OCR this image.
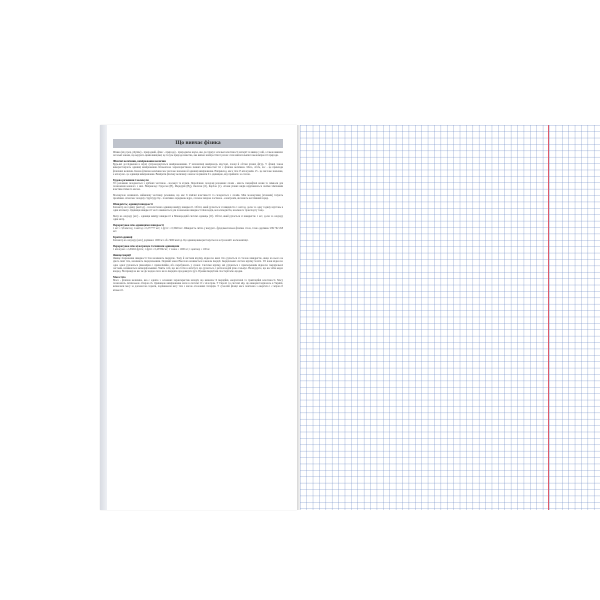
Що вивчає фізика

Фізика (від грец. physike) - природний, фізис - природа) - природнича наука, яка досліджує загальні властивості матерії та явища у ній, а також виявляє загальні закони, що керують цими явищами; це галузь природознавства, яка вивчає найпростіші і разом з тим найзагальніші закономірності природи.

Фізичні величини, вимірювання величин

Будь-які дослідження в науці супроводжуються вимірюваннями. У математиці вимірюють відстані, площі й об'єми різних фігур. У фізиці також використовують одиниці вимірювання. Кількісною характеристикою певних властивостей тіл є фізична величина. Маса, об'єм, час - це приклади фізичних величин. Кожна фізична величина має числове значення й одиниці вимірювання. Наприклад, маса тіла 25 кілограмів. 25 - це числове значення, а кілограм - це одиниця вимірювання. Виміряти фізичну величину означає порівняти її з одиницею, яку прийнято за еталон.

Будова речовини і молекули

Усі речовини складаються з дрібних частинок - молекул та атомів. Перелічимо складові речовини: атоми - мають специфічні назви та символи для позначення кожного з них. Наприклад: Гідроген (H), Меркурій (Hg), Оксиген (O), Карбон (C). Атоми різних видів відрізняються своїми хімічними властивостями та масою.

Молекулою називають найменшу частинку речовини, що має її хімічні властивості та складається з атомів. Між молекулами (атомами) існують проміжки. Атом має складну структуру. Це - позитивно заряджене ядро, оточене хмарою частинок - електронів, які мають негативний заряд.

Швидкість; одиниці швидкості

Кілометр на годину (км/год) - позасистемна одиниця виміру швидкості. Об'єкт, який рухається зі швидкістю 1 км/год, долає за одну годину відстань в один кілометр. Одиниця швидкості часто вживається для позначення швидкості пішоходів, велосипедистів, наземного транспорту тощо.

Метр на секунду (м/с) - одиниця виміру швидкості в Міжнародній системі одиниць (СІ). Об'єкт, який рухається зі швидкістю 1 м/с, долає за секунду один метр.

Перерахунок між одиницями швидкості

1 м/с = 3,6 км/год; 1 км/год = 0,277777 м/с; 1 фут/с = 0,3048 м/с. Швидкість світла у вакуумі - фундаментальна фізична стала, точно дорівнює 299 792 458 м/с.

Кратні одиниці

Кілометр на секунду (км/с) дорівнює 1000 м/с або 3600 км/год. Ця одиниця використовується в астрономії і космонавтиці.

Перерахунок між кілограмом та іншими одиницями

1 кілограм = 2,20462 фунта; 1 фунт = 0,453592 кг; 1 тонна = 1000 кг; 1 центнер = 100 кг.

Явище інерції

Явище збереження швидкості тіла називають інерцією. Тому й системи відліку, відносно яких тіло рухається зі сталою швидкістю, якщо на нього не діють інші тіла, називають інерціальними. Перший закон Ньютона називається законом інерції. Інерціальних систем відліку безліч. Усі вони відносно одна одної рухаються рівномірно і прямолінійно або перебувають у спокої. Системи відліку, які рухаються з прискоренням відносно інерціальної системи, називаються неінерціальними. Уявіть собі, що ви стоїте в автобусі, що рухається, і раптом водій різко гальмує. Ви відчуєте, що вас ніби кидає вперед. Насправді на вас не діє жодна сила: ви за інерцією продовжуєте рух. Прояви інерції ми спостерігаємо щодня.

Маса тіла

Маса - фізична величина, яка є однією з основних характеристик матерії, що визначає її інерційні, енергетичні та гравітаційні властивості. Масу позначають латинською літерою m. Одиницею вимірювання маси в системі СІ є кілограм. У Європі і в системі мір, що використовувалась в Україні, визначали масу за допомогою терезів, порівнюючи вагу тіла з вагою еталонних тягарців. У сучасній фізиці маса пов'язана з енергією і є мірою її кількості.
